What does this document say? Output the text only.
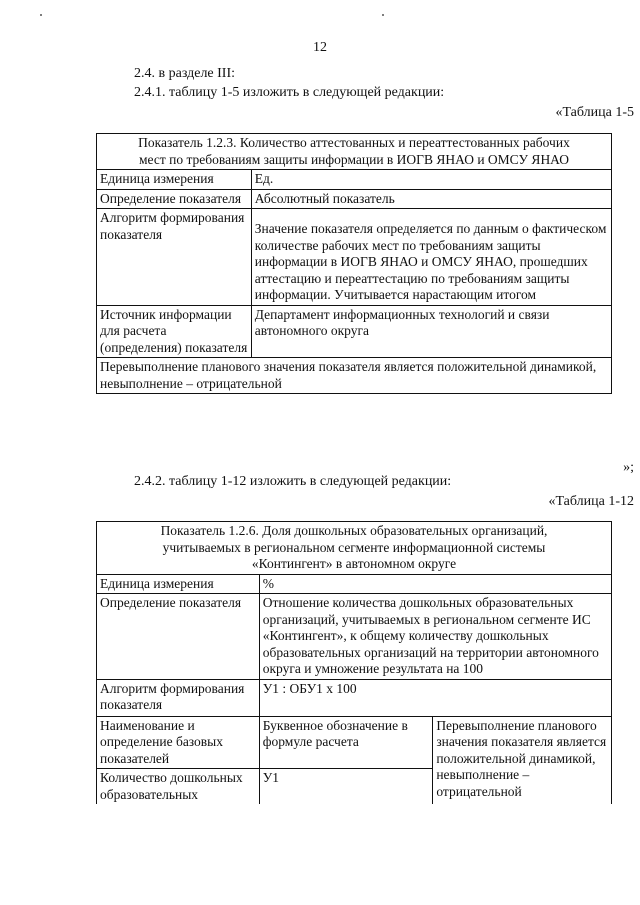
12
2.4. в разделе III:
2.4.1. таблицу 1-5 изложить в следующей редакции:
«Таблица 1-5
Показатель 1.2.3. Количество аттестованных и переаттестованных рабочих
мест по требованиям защиты информации в ИОГВ ЯНАО и ОМСУ ЯНАО	

Единица измерения	Ед.
Определение показателя	Абсолютный показатель
Алгоритм формирования показателя	Значение показателя определяется по данным о фактическом количестве рабочих мест по требованиям защиты информации в ИОГВ ЯНАО и ОМСУ ЯНАО, прошедших аттестацию и переаттестацию по требованиям защиты информации. Учитывается нарастающим итогом
Источник информации для расчета (определения) показателя	Департамент информационных технологий и связи автономного округа
Перевыполнение планового значения показателя является положительной динамикой, невыполнение – отрицательной	
»;
2.4.2. таблицу 1-12 изложить в следующей редакции:
«Таблица 1-12
Показатель 1.2.6. Доля дошкольных образовательных организаций,
учитываемых в региональном сегменте информационной системы
«Контингент» в автономном округе		

Единица измерения	%	
Определение показателя	Отношение количества дошкольных образовательных организаций, учитываемых в региональном сегменте ИС «Контингент», к общему количеству дошкольных образовательных организаций на территории автономного округа и умножение результата на 100	
Алгоритм формирования показателя	У1 : ОБУ1 х 100	
Наименование и определение базовых показателей	Буквенное обозначение в формуле расчета	Перевыполнение планового значения показателя является положительной динамикой, невыполнение – отрицательной
Количество дошкольных образовательных	У1	
